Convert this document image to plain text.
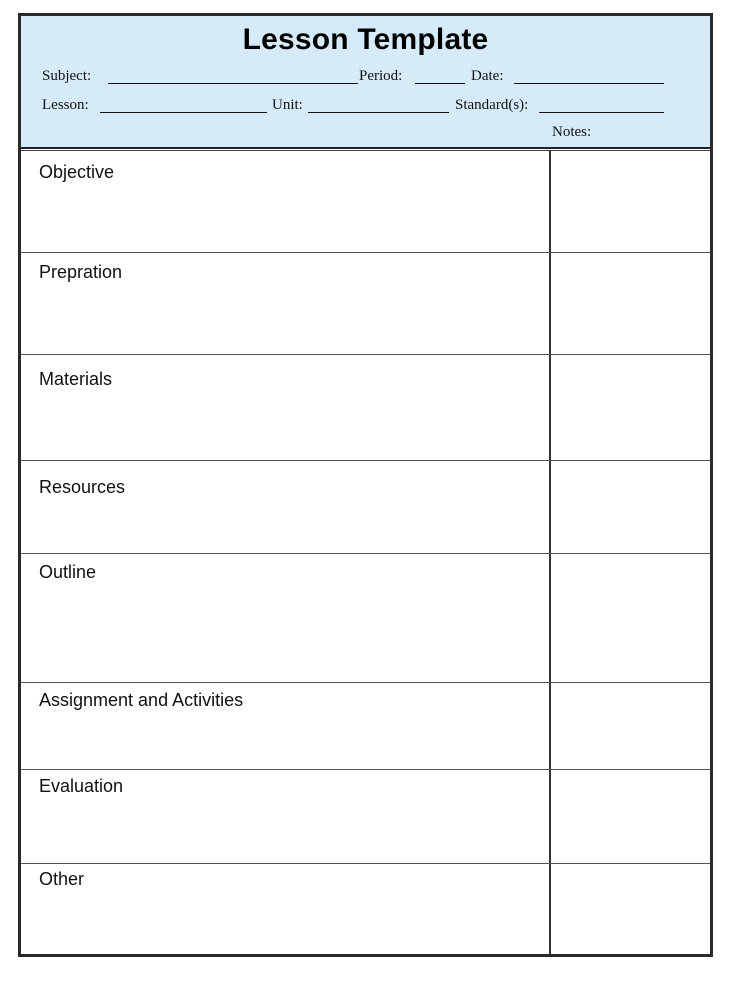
Lesson Template
Subject:	Period:	Date:
Lesson:	Unit:	Standard(s):
Notes:
Objective
Prepration
Materials
Resources
Outline
Assignment and Activities
Evaluation
Other
